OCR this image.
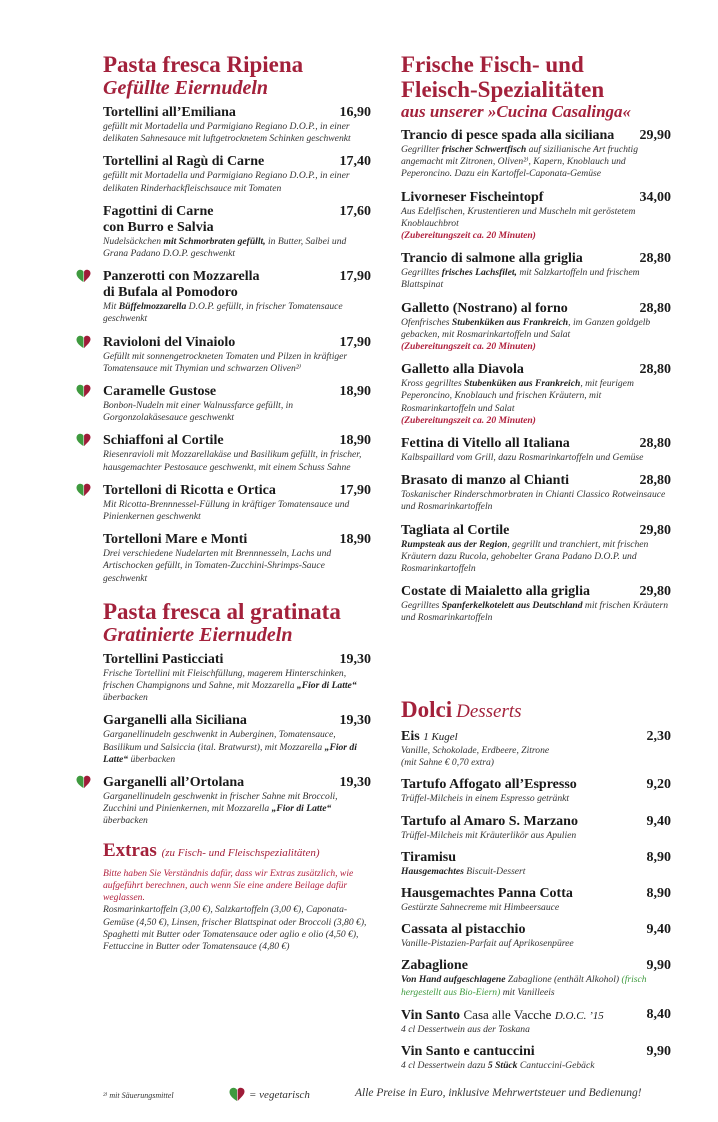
Pasta fresca Ripiena
Gefüllte Eiernudeln
Tortellini all’Emiliana	16,90
gefüllt mit Mortadella und Parmigiano Regiano D.O.P., in einer delikaten Sahnesauce mit luftgetrocknetem Schinken geschwenkt
Tortellini al Ragù di Carne	17,40
gefüllt mit Mortadella und Parmigiano Regiano D.O.P., in einer delikaten Rinderhackfleischsauce mit Tomaten
Fagottini di Carne	17,60
con Burro e Salvia
Nudelsäckchen mit Schmorbraten gefüllt, in Butter, Salbei und Grana Padano D.O.P. geschwenkt
Panzerotti con Mozzarella	17,90
di Bufala al Pomodoro
Mit Büffelmozzarella D.O.P. gefüllt, in frischer Tomatensauce geschwenkt
Ravioloni del Vinaiolo	17,90
Gefüllt mit sonnengetrockneten Tomaten und Pilzen in kräftiger Tomatensauce mit Thymian und schwarzen Oliven²⁾
Caramelle Gustose	18,90
Bonbon-Nudeln mit einer Walnussfarce gefüllt, in Gorgonzolakäsesauce geschwenkt
Schiaffoni al Cortile	18,90
Riesenravioli mit Mozzarellakäse und Basilikum gefüllt, in frischer, hausgemachter Pestosauce geschwenkt, mit einem Schuss Sahne
Tortelloni di Ricotta e Ortica	17,90
Mit Ricotta-Brennnessel-Füllung in kräftiger Tomatensauce und Pinienkernen geschwenkt
Tortelloni Mare e Monti	18,90
Drei verschiedene Nudelarten mit Brennnesseln, Lachs und Artischocken gefüllt, in Tomaten-Zucchini-Shrimps-Sauce geschwenkt
Pasta fresca al gratinata
Gratinierte Eiernudeln
Tortellini Pasticciati	19,30
Frische Tortellini mit Fleischfüllung, magerem Hinterschinken, frischen Champignons und Sahne, mit Mozzarella „Fior di Latte“ überbacken
Garganelli alla Siciliana	19,30
Garganellinudeln geschwenkt in Auberginen, Tomatensauce, Basilikum und Salsiccia (ital. Bratwurst), mit Mozzarella „Fior di Latte“ überbacken
Garganelli all’Ortolana	19,30
Garganellinudeln geschwenkt in frischer Sahne mit Broccoli, Zucchini und Pinienkernen, mit Mozzarella „Fior di Latte“ überbacken
Extras (zu Fisch- und Fleischspezialitäten)
Bitte haben Sie Verständnis dafür, dass wir Extras zusätzlich, wie aufgeführt berechnen, auch wenn Sie eine andere Beilage dafür weglassen.
Rosmarinkartoffeln (3,00 €), Salzkartoffeln (3,00 €), Caponata-Gemüse (4,50 €), Linsen, frischer Blattspinat oder Broccoli (3,80 €), Spaghetti mit Butter oder Tomatensauce oder aglio e olio (4,50 €), Fettuccine in Butter oder Tomatensauce (4,80 €)
Frische Fisch- und
Fleisch-Spezialitäten
aus unserer »Cucina Casalinga«
Trancio di pesce spada alla siciliana 29,90
Gegrillter frischer Schwertfisch auf sizilianische Art fruchtig angemacht mit Zitronen, Oliven²⁾, Kapern, Knoblauch und Peperoncino. Dazu ein Kartoffel-Caponata-Gemüse
Livorneser Fischeintopf	34,00
Aus Edelfischen, Krustentieren und Muscheln mit geröstetem Knoblauchbrot
(Zubereitungszeit ca. 20 Minuten)
Trancio di salmone alla griglia	28,80
Gegrilltes frisches Lachsfilet, mit Salzkartoffeln und frischem Blattspinat
Galletto (Nostrano) al forno	28,80
Ofenfrisches Stubenküken aus Frankreich, im Ganzen goldgelb gebacken, mit Rosmarinkartoffeln und Salat
(Zubereitungszeit ca. 20 Minuten)
Galletto alla Diavola	28,80
Kross gegrilltes Stubenküken aus Frankreich, mit feurigem Peperoncino, Knoblauch und frischen Kräutern, mit Rosmarinkartoffeln und Salat
(Zubereitungszeit ca. 20 Minuten)
Fettina di Vitello all Italiana	28,80
Kalbspaillard vom Grill, dazu Rosmarinkartoffeln und Gemüse
Brasato di manzo al Chianti	28,80
Toskanischer Rinderschmorbraten in Chianti Classico Rotweinsauce und Rosmarinkartoffeln
Tagliata al Cortile	29,80
Rumpsteak aus der Region, gegrillt und tranchiert, mit frischen Kräutern dazu Rucola, gehobelter Grana Padano D.O.P. und Rosmarinkartoffeln
Costate di Maialetto alla griglia	29,80
Gegrilltes Spanferkelkotelett aus Deutschland mit frischen Kräutern und Rosmarinkartoffeln
Dolci Desserts
Eis 1 Kugel	2,30
Vanille, Schokolade, Erdbeere, Zitrone
(mit Sahne € 0,70 extra)
Tartufo Affogato all’Espresso	9,20
Trüffel-Milcheis in einem Espresso getränkt
Tartufo al Amaro S. Marzano	9,40
Trüffel-Milcheis mit Kräuterlikör aus Apulien
Tiramisu	8,90
Hausgemachtes Biscuit-Dessert
Hausgemachtes Panna Cotta	8,90
Gestürzte Sahnecreme mit Himbeersauce
Cassata al pistacchio	9,40
Vanille-Pistazien-Parfait auf Aprikosenpüree
Zabaglione	9,90
Von Hand aufgeschlagene Zabaglione (enthält Alkohol) (frisch hergestellt aus Bio-Eiern) mit Vanilleeis
Vin Santo Casa alle Vacche D.O.C. ’15	8,40
4 cl Dessertwein aus der Toskana
Vin Santo e cantuccini	9,90
4 cl Dessertwein dazu 5 Stück Cantuccini-Gebäck
²⁾ mit Säuerungsmittel	= vegetarisch	Alle Preise in Euro, inklusive Mehrwertsteuer und Bedienung!
